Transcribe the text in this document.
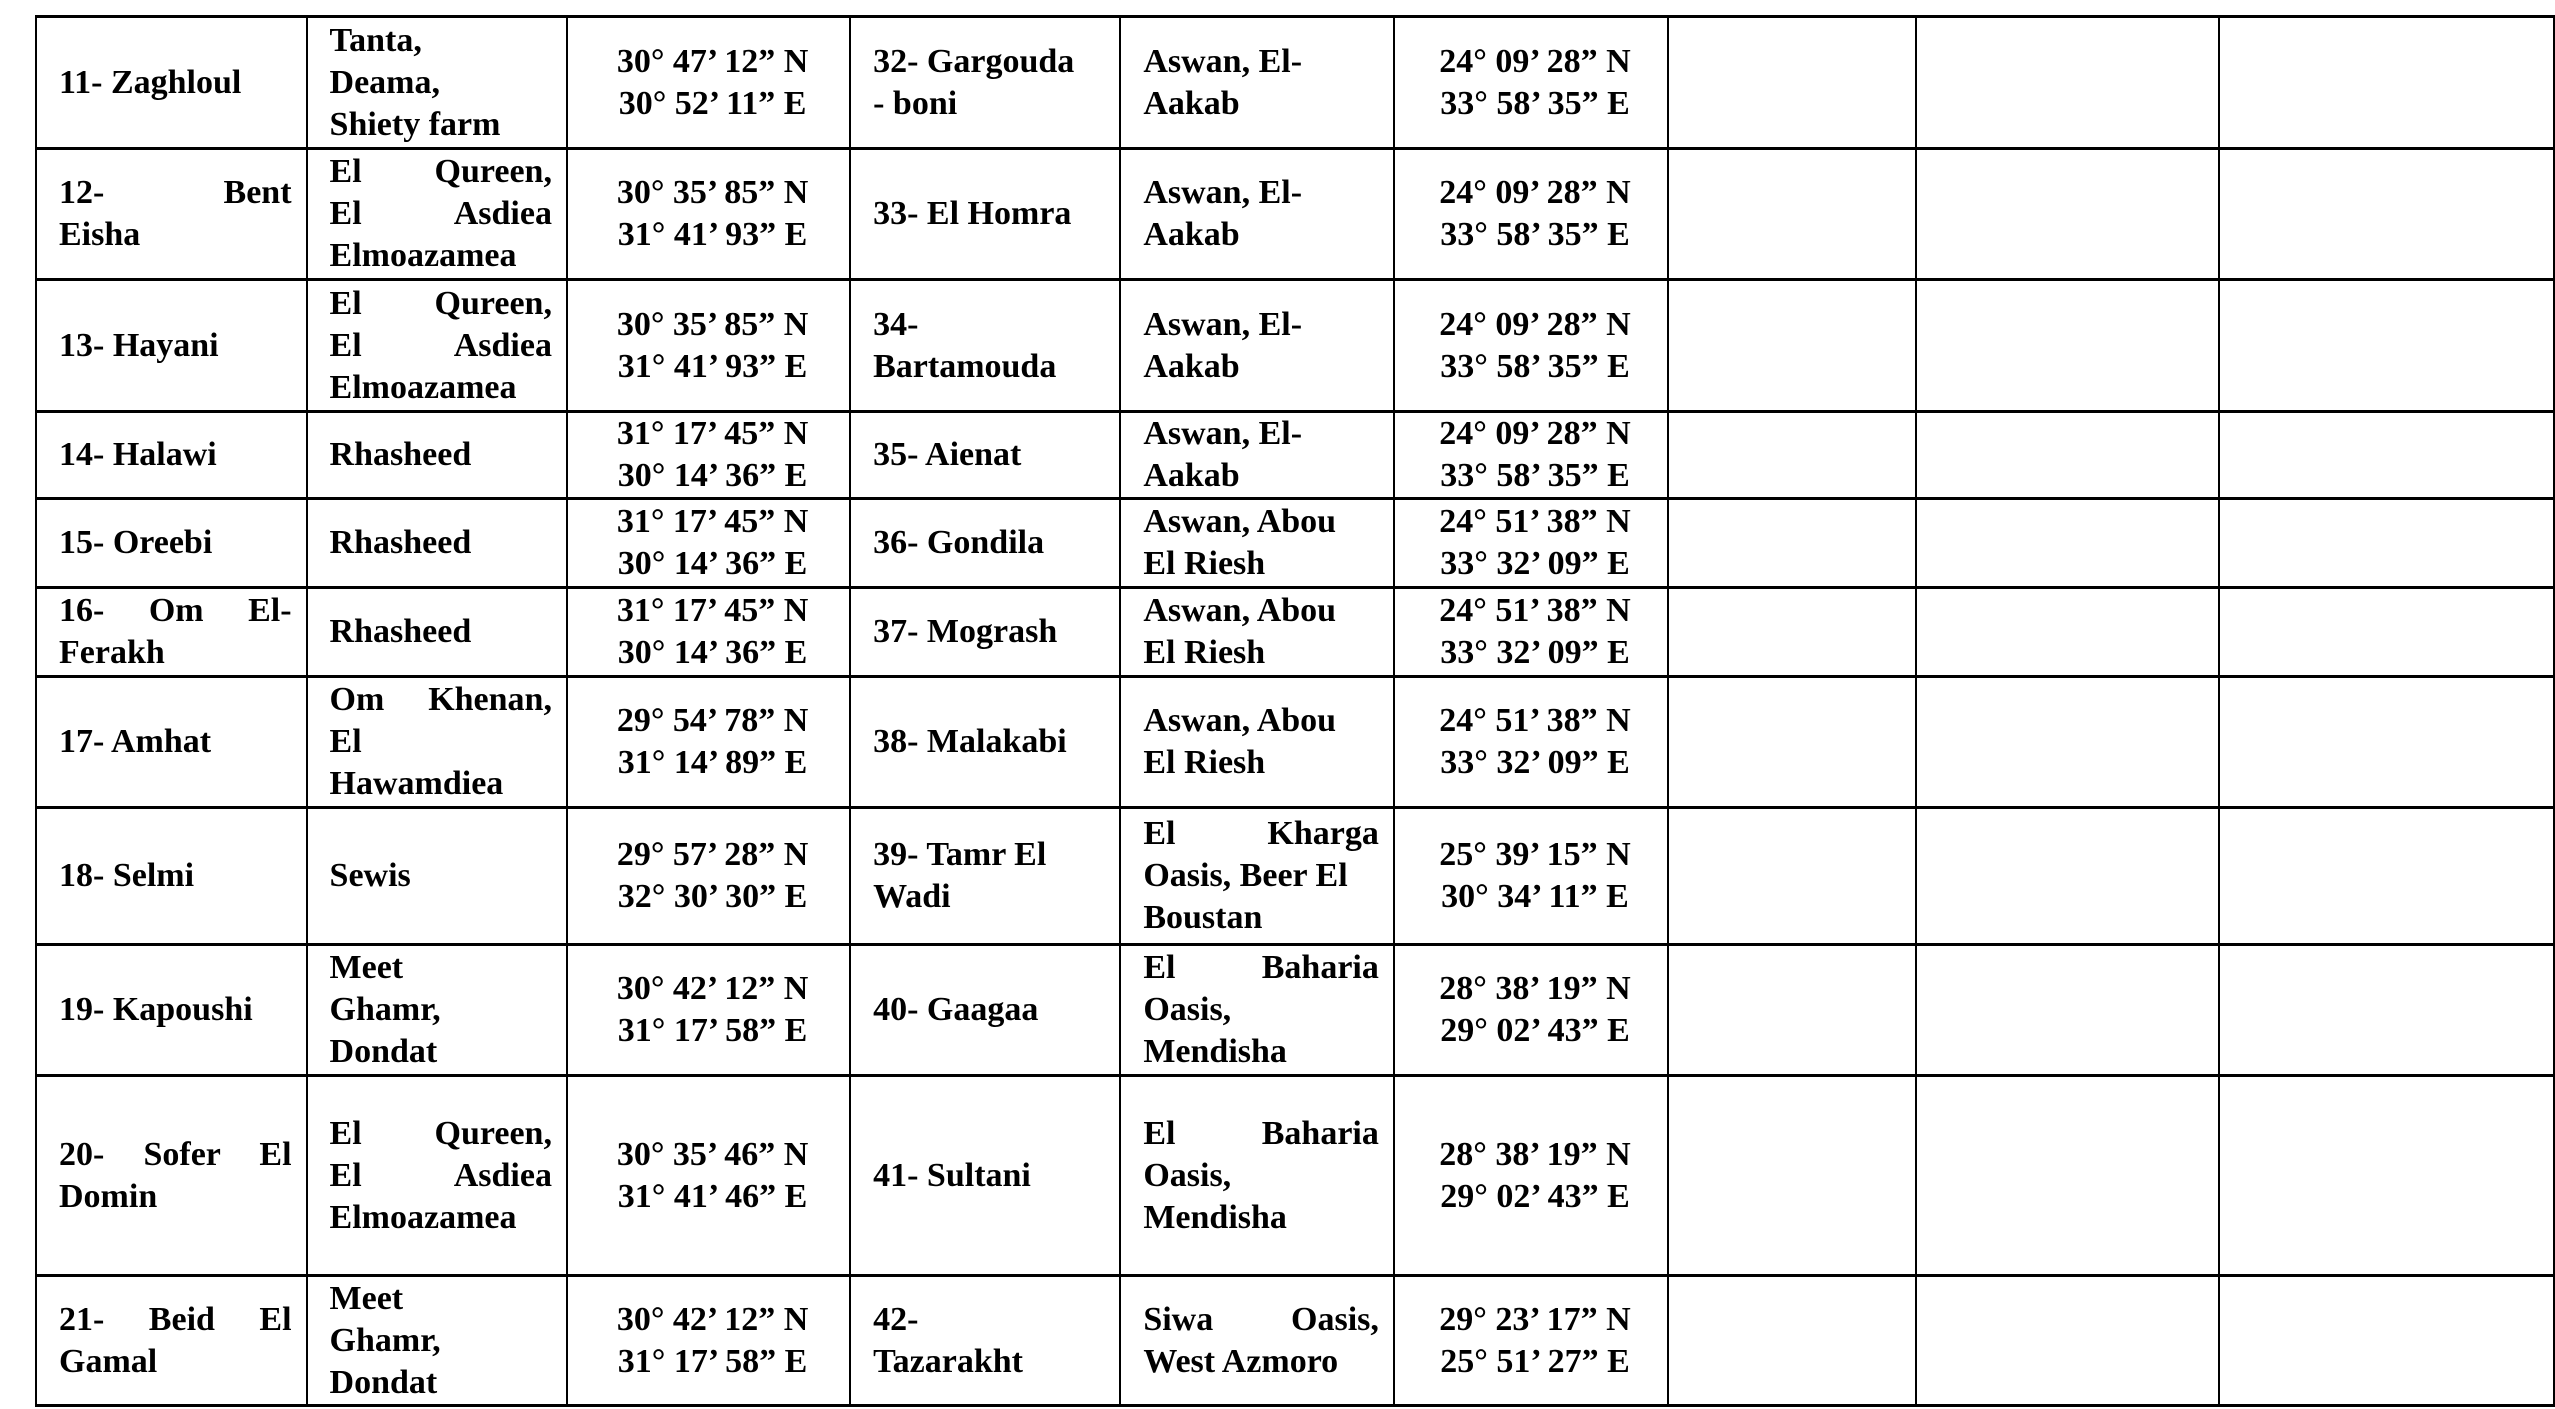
11- Zaghloul	Tanta,
Deama,
Shiety farm	30° 47’ 12” N
30° 52’ 11” E	32- Gargouda
- boni	Aswan, El-
Aakab	24° 09’ 28” N
33° 58’ 35” E			

12- Bent
Eisha	El Qureen,
El Asdiea
Elmoazamea	30° 35’ 85” N
31° 41’ 93” E	33- El Homra	Aswan, El-
Aakab	24° 09’ 28” N
33° 58’ 35” E			

13- Hayani	El Qureen,
El Asdiea
Elmoazamea	30° 35’ 85” N
31° 41’ 93” E	34-
Bartamouda	Aswan, El-
Aakab	24° 09’ 28” N
33° 58’ 35” E			

14- Halawi	Rhasheed	31° 17’ 45” N
30° 14’ 36” E	35- Aienat	Aswan, El-
Aakab	24° 09’ 28” N
33° 58’ 35” E			

15- Oreebi	Rhasheed	31° 17’ 45” N
30° 14’ 36” E	36- Gondila	Aswan, Abou
El Riesh	24° 51’ 38” N
33° 32’ 09” E			

16- Om El-
Ferakh	Rhasheed	31° 17’ 45” N
30° 14’ 36” E	37- Mogrash	Aswan, Abou
El Riesh	24° 51’ 38” N
33° 32’ 09” E			

17- Amhat	Om Khenan,
El
Hawamdiea	29° 54’ 78” N
31° 14’ 89” E	38- Malakabi	Aswan, Abou
El Riesh	24° 51’ 38” N
33° 32’ 09” E			

18- Selmi	Sewis	29° 57’ 28” N
32° 30’ 30” E	39- Tamr El
Wadi	El Kharga
Oasis, Beer El
Boustan	25° 39’ 15” N
30° 34’ 11” E			

19- Kapoushi	Meet
Ghamr,
Dondat	30° 42’ 12” N
31° 17’ 58” E	40- Gaagaa	El Baharia
Oasis,
Mendisha	28° 38’ 19” N
29° 02’ 43” E			

20- Sofer El
Domin	El Qureen,
El Asdiea
Elmoazamea	30° 35’ 46” N
31° 41’ 46” E	41- Sultani	El Baharia
Oasis,
Mendisha	28° 38’ 19” N
29° 02’ 43” E			

21- Beid El
Gamal	Meet
Ghamr,
Dondat	30° 42’ 12” N
31° 17’ 58” E	42-
Tazarakht	Siwa Oasis,
West Azmoro	29° 23’ 17” N
25° 51’ 27” E			
